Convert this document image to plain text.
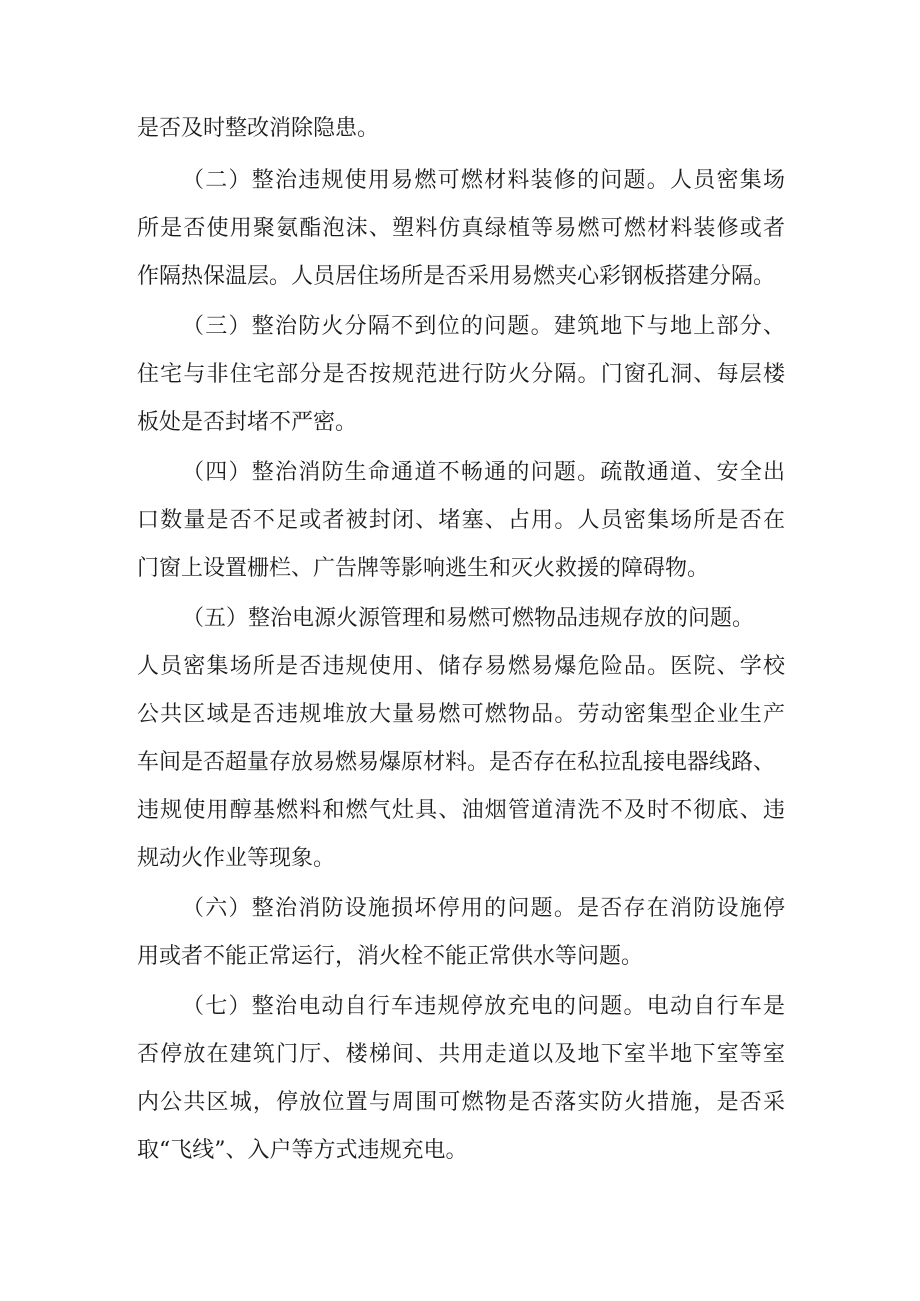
是否及时整改消除隐患。
（二）整治违规使用易燃可燃材料装修的问题。人员密集场
所是否使用聚氨酯泡沫、塑料仿真绿植等易燃可燃材料装修或者
作隔热保温层。人员居住场所是否采用易燃夹心彩钢板搭建分隔。
（三）整治防火分隔不到位的问题。建筑地下与地上部分、
住宅与非住宅部分是否按规范进行防火分隔。门窗孔洞、每层楼
板处是否封堵不严密。
（四）整治消防生命通道不畅通的问题。疏散通道、安全出
口数量是否不足或者被封闭、堵塞、占用。人员密集场所是否在
门窗上设置栅栏、广告牌等影响逃生和灭火救援的障碍物。
（五）整治电源火源管理和易燃可燃物品违规存放的问题。
人员密集场所是否违规使用、储存易燃易爆危险品。医院、学校
公共区域是否违规堆放大量易燃可燃物品。劳动密集型企业生产
车间是否超量存放易燃易爆原材料。是否存在私拉乱接电器线路、
违规使用醇基燃料和燃气灶具、油烟管道清洗不及时不彻底、违
规动火作业等现象。
（六）整治消防设施损坏停用的问题。是否存在消防设施停
用或者不能正常运行，消火栓不能正常供水等问题。
（七）整治电动自行车违规停放充电的问题。电动自行车是
否停放在建筑门厅、楼梯间、共用走道以及地下室半地下室等室
内公共区城，停放位置与周围可燃物是否落实防火措施，是否采
取“飞线”、入户等方式违规充电。
